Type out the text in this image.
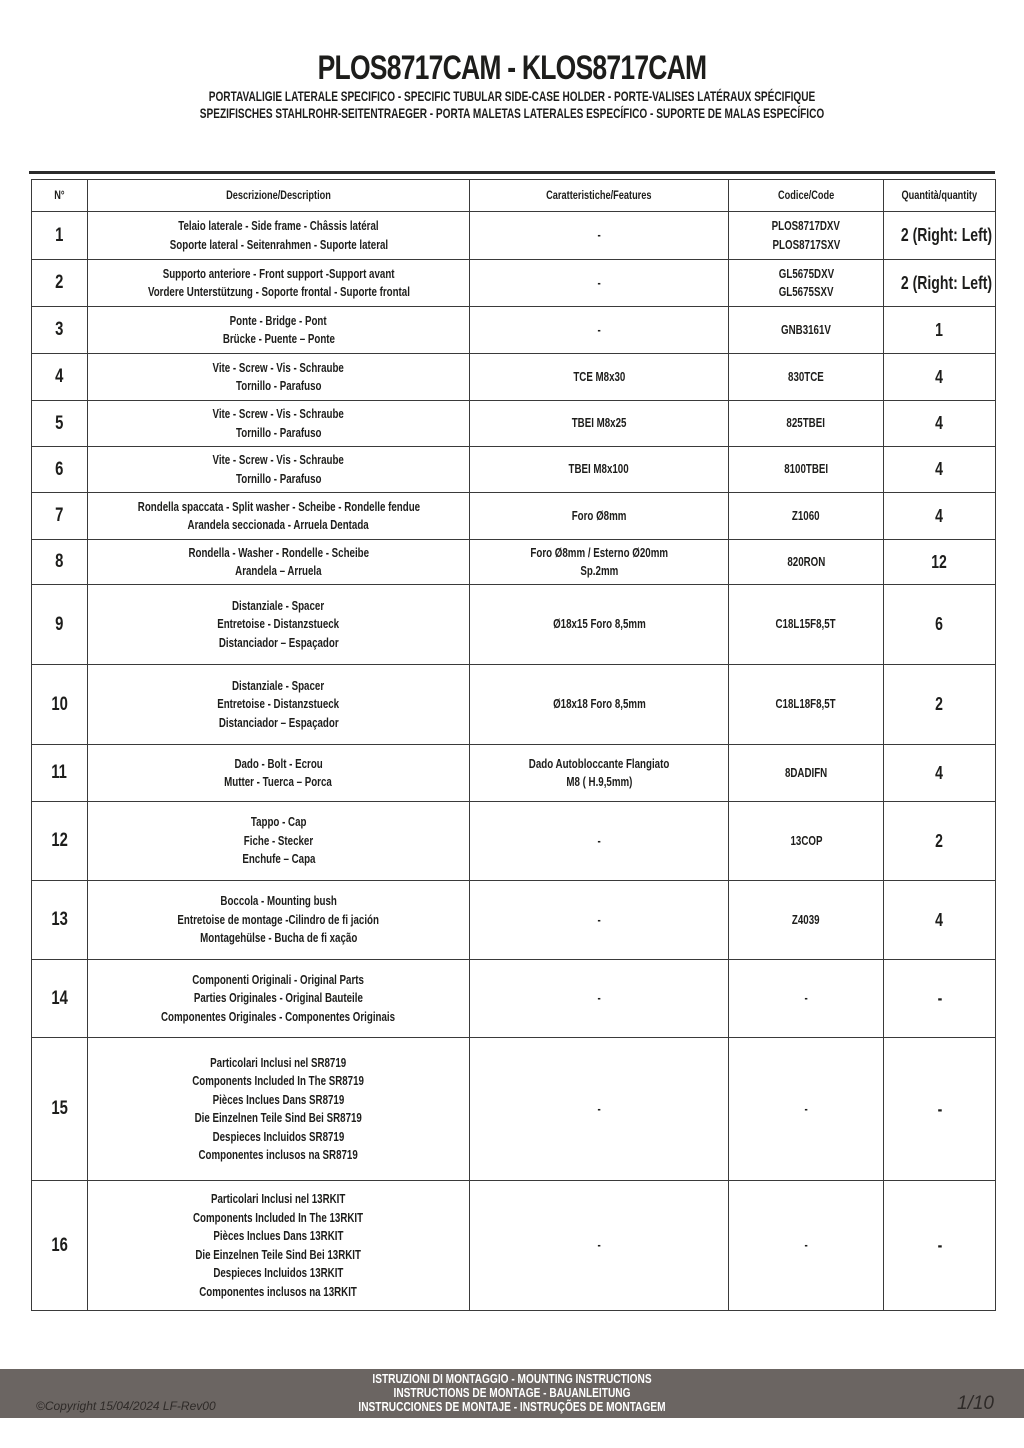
PLOS8717CAM - KLOS8717CAM

PORTAVALIGIE LATERALE SPECIFICO - SPECIFIC TUBULAR SIDE-CASE HOLDER - PORTE-VALISES LATÉRAUX SPÉCIFIQUE

SPEZIFISCHES STAHLROHR-SEITENTRAEGER - PORTA MALETAS LATERALES ESPECÍFICO - SUPORTE DE MALAS ESPECÍFICO

N°	Descrizione/Description	Caratteristiche/Features	Codice/Code	Quantità/quantity
1	Telaio laterale - Side frame - Châssis latéral
Soporte lateral - Seitenrahmen - Suporte lateral	-	PLOS8717DXV
PLOS8717SXV	2 (Right: Left)
2	Supporto anteriore - Front support -Support avant
Vordere Unterstützung - Soporte frontal - Suporte frontal	-	GL5675DXV
GL5675SXV	2 (Right: Left)
3	Ponte - Bridge - Pont
Brücke - Puente – Ponte	-	GNB3161V	1
4	Vite - Screw - Vis - Schraube
Tornillo - Parafuso	TCE M8x30	830TCE	4
5	Vite - Screw - Vis - Schraube
Tornillo - Parafuso	TBEI M8x25	825TBEI	4
6	Vite - Screw - Vis - Schraube
Tornillo - Parafuso	TBEI M8x100	8100TBEI	4
7	Rondella spaccata - Split washer - Scheibe - Rondelle fendue
Arandela seccionada - Arruela Dentada	Foro Ø8mm	Z1060	4
8	Rondella - Washer - Rondelle - Scheibe
Arandela – Arruela	Foro Ø8mm / Esterno Ø20mm
Sp.2mm	820RON	12
9	Distanziale - Spacer
Entretoise - Distanzstueck
Distanciador – Espaçador	Ø18x15 Foro 8,5mm	C18L15F8,5T	6
10	Distanziale - Spacer
Entretoise - Distanzstueck
Distanciador – Espaçador	Ø18x18 Foro 8,5mm	C18L18F8,5T	2
11	Dado - Bolt - Ecrou
Mutter - Tuerca – Porca	Dado Autobloccante Flangiato
M8 ( H.9,5mm)	8DADIFN	4
12	Tappo - Cap
Fiche - Stecker
Enchufe – Capa	-	13COP	2
13	Boccola - Mounting bush
Entretoise de montage -Cilindro de fi jación
Montagehülse - Bucha de fi xação	-	Z4039	4
14	Componenti Originali - Original Parts
Parties Originales - Original Bauteile
Componentes Originales - Componentes Originais	-	-	-
15	
Particolari Inclusi nel SR8719
Components Included In The SR8719
Pièces Inclues Dans SR8719
Die Einzelnen Teile Sind Bei SR8719
Despieces Incluidos SR8719
Componentes inclusos na SR8719

-	-	-
16	
Particolari Inclusi nel 13RKIT
Components Included In The 13RKIT
Pièces Inclues Dans 13RKIT
Die Einzelnen Teile Sind Bei 13RKIT
Despieces Incluidos 13RKIT
Componentes inclusos na 13RKIT

-	-	-
©Copyright 15/04/2024 LF-Rev00
ISTRUZIONI DI MONTAGGIO - MOUNTING INSTRUCTIONS
INSTRUCTIONS DE MONTAGE - BAUANLEITUNG
INSTRUCCIONES DE MONTAJE - INSTRUÇÕES DE MONTAGEM	1/10
